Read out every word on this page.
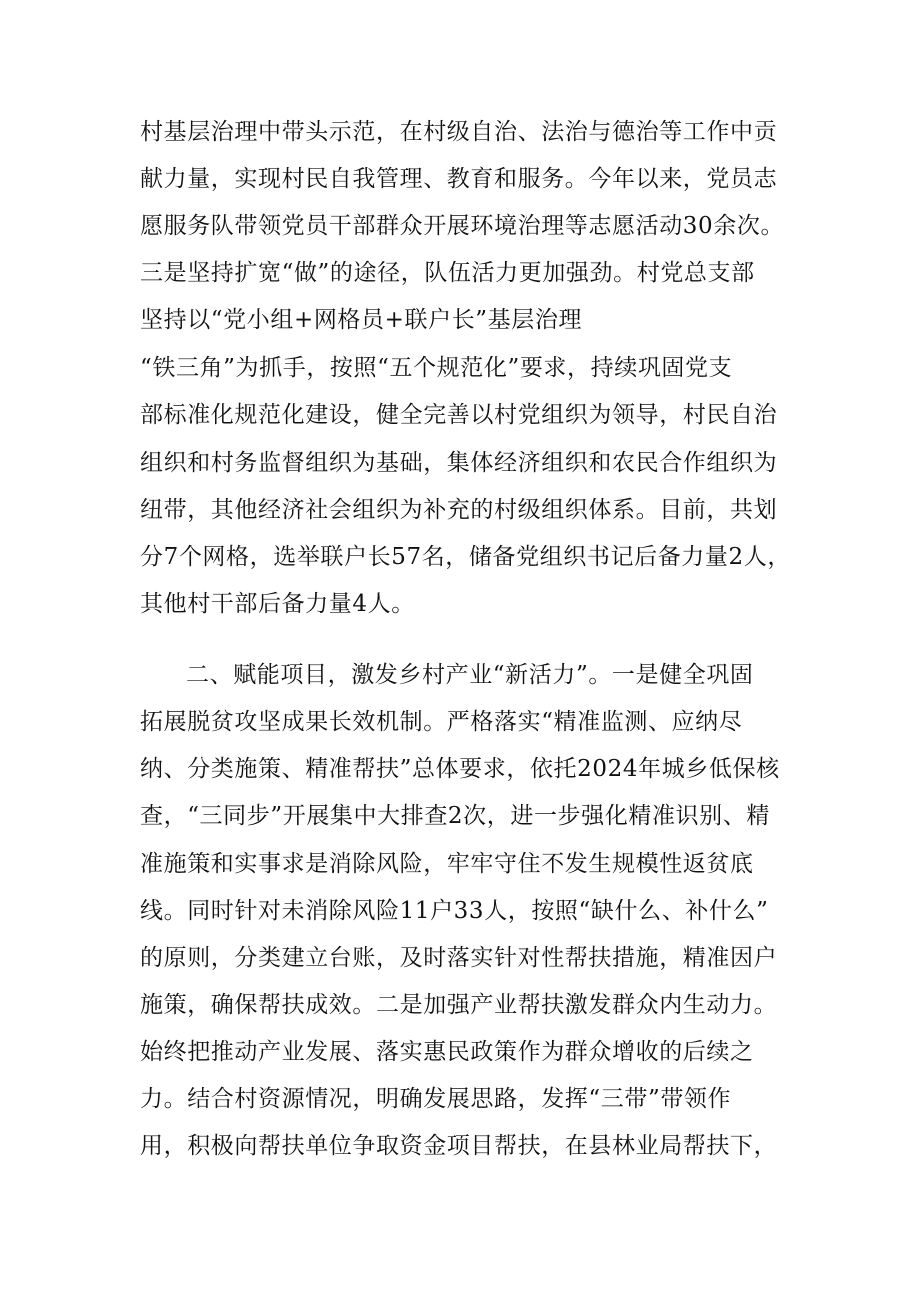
村基层治理中带头示范，在村级自治、法治与德治等工作中贡
献力量，实现村民自我管理、教育和服务。今年以来，党员志
愿服务队带领党员干部群众开展环境治理等志愿活动30余次。
三是坚持扩宽“做”的途径，队伍活力更加强劲。村党总支部
坚持以“党小组+网格员+联户长”基层治理
“铁三角”为抓手，按照“五个规范化”要求，持续巩固党支
部标准化规范化建设，健全完善以村党组织为领导，村民自治
组织和村务监督组织为基础，集体经济组织和农民合作组织为
纽带，其他经济社会组织为补充的村级组织体系。目前，共划
分7个网格，选举联户长57名，储备党组织书记后备力量2人，
其他村干部后备力量4人。
二、赋能项目，激发乡村产业“新活力”。一是健全巩固
拓展脱贫攻坚成果长效机制。严格落实“精准监测、应纳尽
纳、分类施策、精准帮扶”总体要求，依托2024年城乡低保核
查，“三同步”开展集中大排查2次，进一步强化精准识别、精
准施策和实事求是消除风险，牢牢守住不发生规模性返贫底
线。同时针对未消除风险11户33人，按照“缺什么、补什么”
的原则，分类建立台账，及时落实针对性帮扶措施，精准因户
施策，确保帮扶成效。二是加强产业帮扶激发群众内生动力。
始终把推动产业发展、落实惠民政策作为群众增收的后续之
力。结合村资源情况，明确发展思路，发挥“三带”带领作
用，积极向帮扶单位争取资金项目帮扶，在县林业局帮扶下，
